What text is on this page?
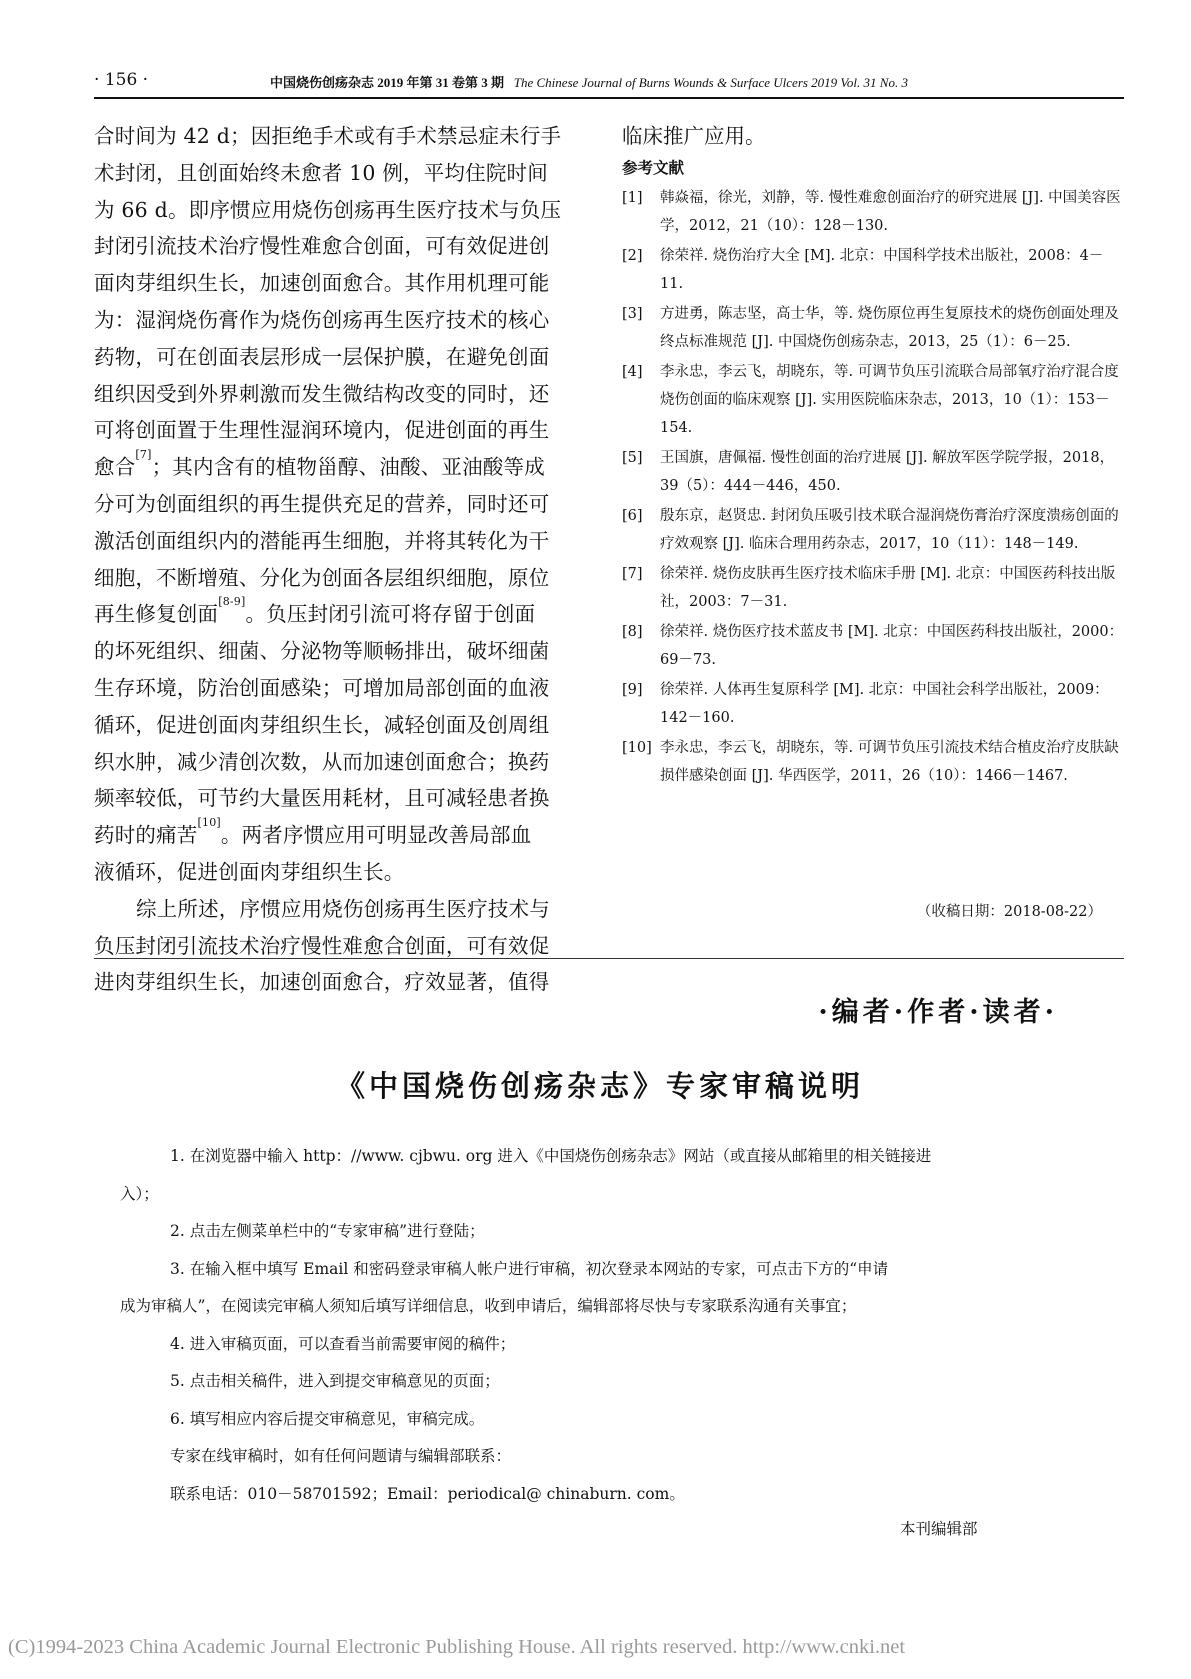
· 156 ·	中国烧伤创疡杂志 2019 年第 31 卷第 3 期 The Chinese Journal of Burns Wounds & Surface Ulcers 2019 Vol. 31 No. 3
合时间为 42 d；因拒绝手术或有手术禁忌症未行手
术封闭，且创面始终未愈者 10 例，平均住院时间
为 66 d。即序惯应用烧伤创疡再生医疗技术与负压
封闭引流技术治疗慢性难愈合创面，可有效促进创
面肉芽组织生长，加速创面愈合。其作用机理可能
为：湿润烧伤膏作为烧伤创疡再生医疗技术的核心
药物，可在创面表层形成一层保护膜，在避免创面
组织因受到外界刺激而发生微结构改变的同时，还
可将创面置于生理性湿润环境内，促进创面的再生
愈合[7]；其内含有的植物甾醇、油酸、亚油酸等成
分可为创面组织的再生提供充足的营养，同时还可
激活创面组织内的潜能再生细胞，并将其转化为干
细胞，不断增殖、分化为创面各层组织细胞，原位
再生修复创面[8-9]。负压封闭引流可将存留于创面
的坏死组织、细菌、分泌物等顺畅排出，破坏细菌
生存环境，防治创面感染；可增加局部创面的血液
循环，促进创面肉芽组织生长，减轻创面及创周组
织水肿，减少清创次数，从而加速创面愈合；换药
频率较低，可节约大量医用耗材，且可减轻患者换
药时的痛苦[10]。两者序惯应用可明显改善局部血
液循环，促进创面肉芽组织生长。
综上所述，序惯应用烧伤创疡再生医疗技术与
负压封闭引流技术治疗慢性难愈合创面，可有效促
进肉芽组织生长，加速创面愈合，疗效显著，值得
临床推广应用。
参考文献
[1]	韩焱福，徐光，刘静，等. 慢性难愈创面治疗的研究进展 [J]. 中国美容医学，2012，21（10）：128－130.
[2]	徐荣祥. 烧伤治疗大全 [M]. 北京：中国科学技术出版社，2008：4－11.
[3]	方进勇，陈志坚，高士华，等. 烧伤原位再生复原技术的烧伤创面处理及终点标准规范 [J]. 中国烧伤创疡杂志，2013，25（1）：6－25.
[4]	李永忠，李云飞，胡晓东，等. 可调节负压引流联合局部氧疗治疗混合度烧伤创面的临床观察 [J]. 实用医院临床杂志，2013，10（1）：153－154.
[5]	王国旗，唐佩福. 慢性创面的治疗进展 [J]. 解放军医学院学报，2018，39（5）：444－446，450.
[6]	殷东京，赵贤忠. 封闭负压吸引技术联合湿润烧伤膏治疗深度溃疡创面的疗效观察 [J]. 临床合理用药杂志，2017，10（11）：148－149.
[7]	徐荣祥. 烧伤皮肤再生医疗技术临床手册 [M]. 北京：中国医药科技出版社，2003：7－31.
[8]	徐荣祥. 烧伤医疗技术蓝皮书 [M]. 北京：中国医药科技出版社，2000：69－73.
[9]	徐荣祥. 人体再生复原科学 [M]. 北京：中国社会科学出版社，2009：142－160.
[10] 李永忠，李云飞，胡晓东，等. 可调节负压引流技术结合植皮治疗皮肤缺损伴感染创面 [J]. 华西医学，2011，26（10）：1466－1467.
（收稿日期：2018-08-22）
·编者·作者·读者·
《中国烧伤创疡杂志》专家审稿说明
1. 在浏览器中输入 http：//www. cjbwu. org 进入《中国烧伤创疡杂志》网站（或直接从邮箱里的相关链接进
入）；
2. 点击左侧菜单栏中的“专家审稿”进行登陆；
3. 在输入框中填写 Email 和密码登录审稿人帐户进行审稿，初次登录本网站的专家，可点击下方的“申请
成为审稿人”，在阅读完审稿人须知后填写详细信息，收到申请后，编辑部将尽快与专家联系沟通有关事宜；
4. 进入审稿页面，可以查看当前需要审阅的稿件；
5. 点击相关稿件，进入到提交审稿意见的页面；
6. 填写相应内容后提交审稿意见，审稿完成。
专家在线审稿时，如有任何问题请与编辑部联系：
联系电话：010－58701592；Email：periodical@ chinaburn. com。
本刊编辑部
(C)1994-2023 China Academic Journal Electronic Publishing House. All rights reserved. http://www.cnki.net
